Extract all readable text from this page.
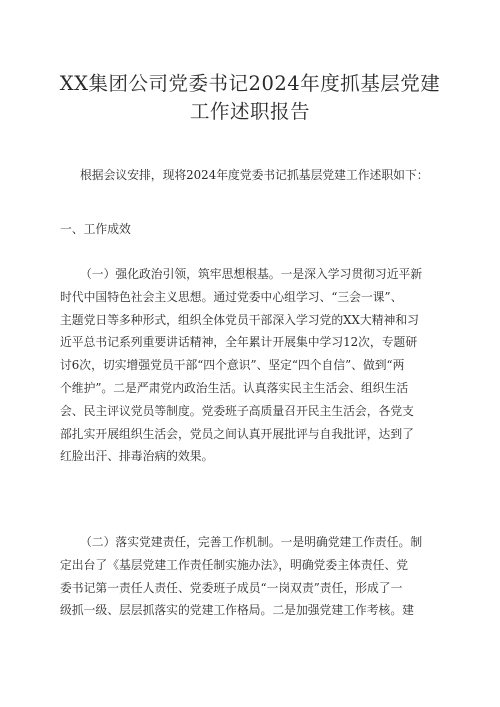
XX集团公司党委书记2024年度抓基层党建
工作述职报告
根据会议安排，现将2024年度党委书记抓基层党建工作述职如下：
一、工作成效
（一）强化政治引领，筑牢思想根基。一是深入学习贯彻习近平新
时代中国特色社会主义思想。通过党委中心组学习、“三会一课”、
主题党日等多种形式，组织全体党员干部深入学习党的XX大精神和习
近平总书记系列重要讲话精神，全年累计开展集中学习12次，专题研
讨6次，切实增强党员干部“四个意识”、坚定“四个自信”、做到“两
个维护”。二是严肃党内政治生活。认真落实民主生活会、组织生活
会、民主评议党员等制度。党委班子高质量召开民主生活会，各党支
部扎实开展组织生活会，党员之间认真开展批评与自我批评，达到了
红脸出汗、排毒治病的效果。
（二）落实党建责任，完善工作机制。一是明确党建工作责任。制
定出台了《基层党建工作责任制实施办法》，明确党委主体责任、党
委书记第一责任人责任、党委班子成员“一岗双责”责任，形成了一
级抓一级、层层抓落实的党建工作格局。二是加强党建工作考核。建
